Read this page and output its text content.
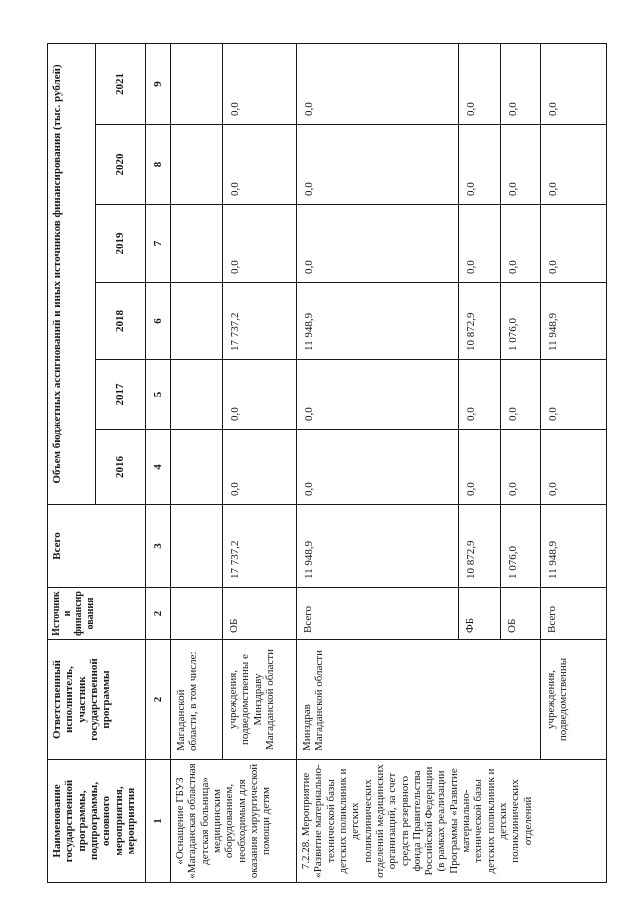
Наименование государственной программы, подпрограммы, основного мероприятия, мероприятия	Ответственный исполнитель, участник государственной программы	Источник и финансир ования	Всего	Объем бюджетных ассигнований и иных источников финансирования (тыс. рублей)					
				2016	2017	2018	2019	2020	2021
1	2	2	3	4	5	6	7	8	9
«Оснащение ГБУЗ «Магаданская областная детская больница» медицинским оборудованием, необходимым для оказания хирургической помощи детям	Магаданской области, в том числе:								
	учреждения, подведомственны е Минздраву Магаданской области	ОБ	17 737,2	0,0	0,0	17 737,2	0,0	0,0	0,0
7.2.28. Мероприятие «Развитие материально-технической базы детских поликлиник и детских поликлинических отделений медицинских организаций, за счет средств резервного фонда Правительства Российской Федерации (в рамках реализации Программы «Развитие материально-технической базы детских поликлиник и детских поликлинических отделений	Минздрав Магаданской области	Всего	11 948,9	0,0	0,0	11 948,9	0,0	0,0	0,0
		ФБ	10 872,9	0,0	0,0	10 872,9	0,0	0,0	0,0
		ОБ	1 076,0	0,0	0,0	1 076,0	0,0	0,0	0,0
	учреждения, подведомственны	Всего	11 948,9	0,0	0,0	11 948,9	0,0	0,0	0,0
